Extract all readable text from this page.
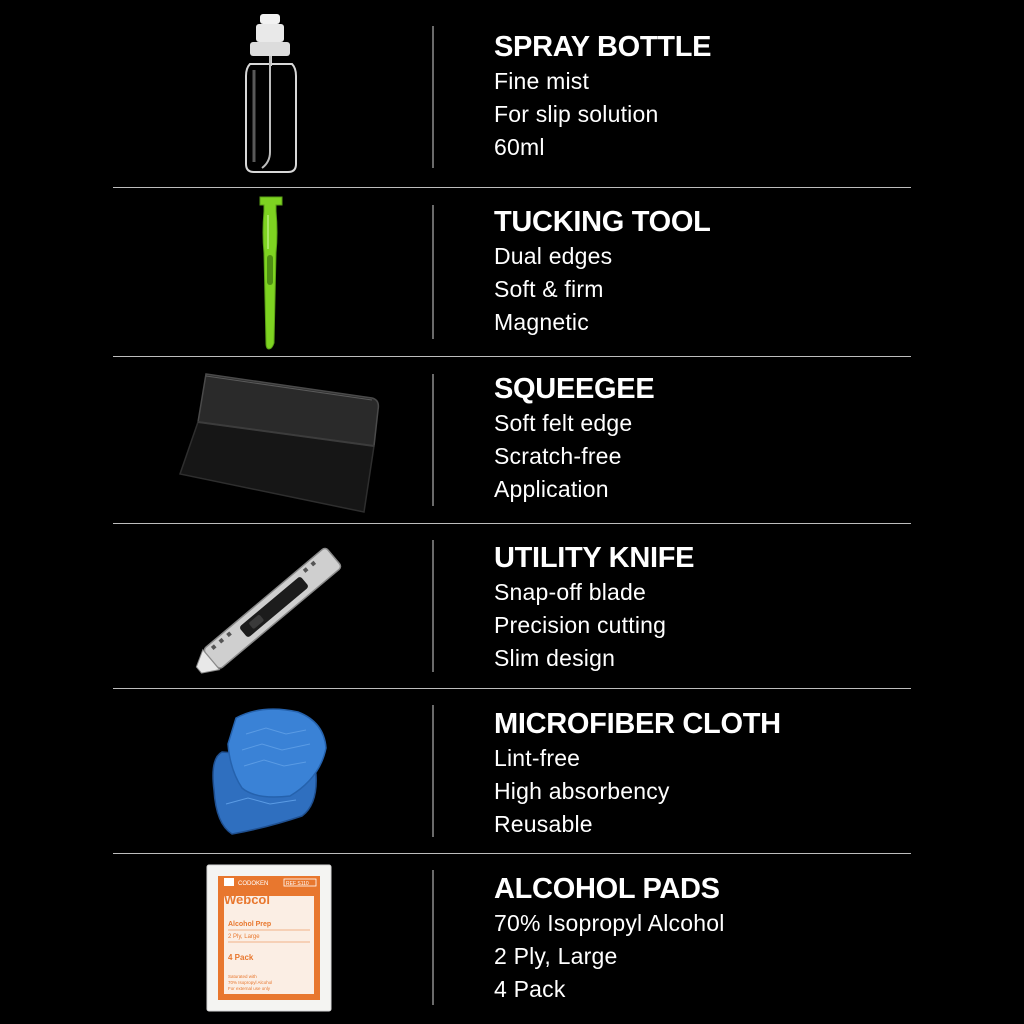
SPRAY BOTTLE

Fine mist

For slip solution

60ml

TUCKING TOOL

Dual edges

Soft & firm

Magnetic

SQUEEGEE

Soft felt edge

Scratch-free

Application

UTILITY KNIFE

Snap-off blade

Precision cutting

Slim design

MICROFIBER CLOTH

Lint-free

High absorbency

Reusable

CODOKEN	REF S110
Webcol
Alcohol Prep
2 Ply, Large
4 Pack
Saturated with
70% Isopropyl Alcohol
For external use only

ALCOHOL PADS

70% Isopropyl Alcohol

2 Ply, Large

4 Pack
